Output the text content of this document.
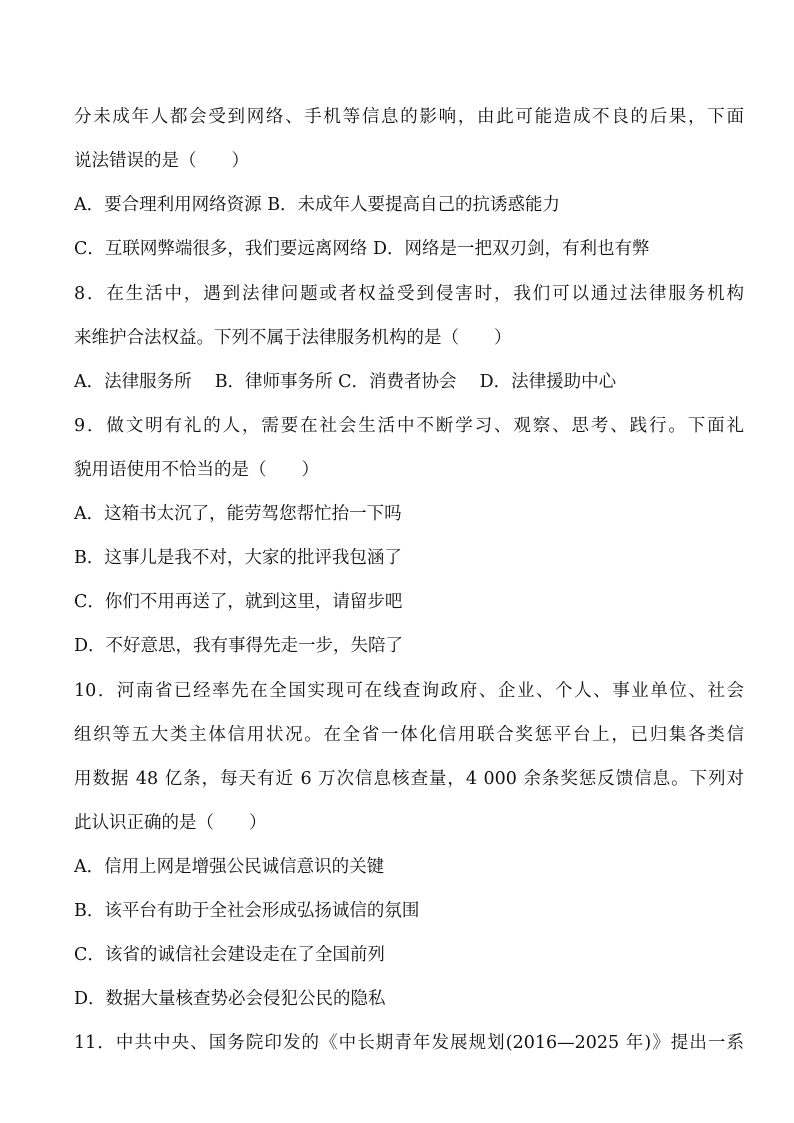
分未成年人都会受到网络、手机等信息的影响，由此可能造成不良的后果，下面
说法错误的是（　　）
A．要合理利用网络资源 B．未成年人要提高自己的抗诱惑能力
C．互联网弊端很多，我们要远离网络 D．网络是一把双刃剑，有利也有弊
8．在生活中，遇到法律问题或者权益受到侵害时，我们可以通过法律服务机构
来维护合法权益。下列不属于法律服务机构的是（　　）
A．法律服务所　 B．律师事务所 C．消费者协会　 D．法律援助中心
9．做文明有礼的人，需要在社会生活中不断学习、观察、思考、践行。下面礼
貌用语使用不恰当的是（　　）
A．这箱书太沉了，能劳驾您帮忙抬一下吗
B．这事儿是我不对，大家的批评我包涵了
C．你们不用再送了，就到这里，请留步吧
D．不好意思，我有事得先走一步，失陪了
10．河南省已经率先在全国实现可在线查询政府、企业、个人、事业单位、社会
组织等五大类主体信用状况。在全省一体化信用联合奖惩平台上，已归集各类信
用数据 48 亿条，每天有近 6 万次信息核查量，4 000 余条奖惩反馈信息。下列对
此认识正确的是（　　）
A．信用上网是增强公民诚信意识的关键
B．该平台有助于全社会形成弘扬诚信的氛围
C．该省的诚信社会建设走在了全国前列
D．数据大量核查势必会侵犯公民的隐私
11．中共中央、国务院印发的《中长期青年发展规划(2016—2025 年)》提出一系
